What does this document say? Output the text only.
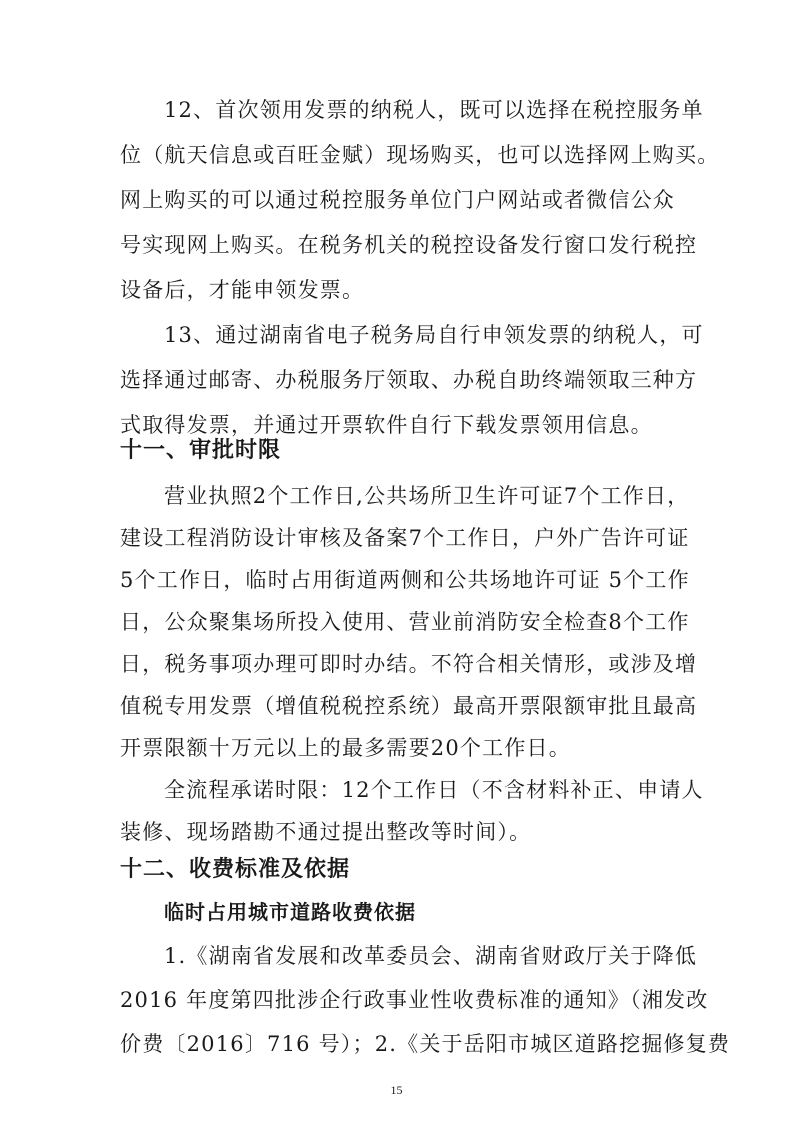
12、首次领用发票的纳税人，既可以选择在税控服务单
位（航天信息或百旺金赋）现场购买，也可以选择网上购买。
网上购买的可以通过税控服务单位门户网站或者微信公众
号实现网上购买。在税务机关的税控设备发行窗口发行税控
设备后，才能申领发票。
13、通过湖南省电子税务局自行申领发票的纳税人，可
选择通过邮寄、办税服务厅领取、办税自助终端领取三种方
式取得发票，并通过开票软件自行下载发票领用信息。
十一、审批时限
营业执照2个工作日,公共场所卫生许可证7个工作日，
建设工程消防设计审核及备案7个工作日，户外广告许可证
5个工作日，临时占用街道两侧和公共场地许可证 5个工作
日，公众聚集场所投入使用、营业前消防安全检查8个工作
日，税务事项办理可即时办结。不符合相关情形，或涉及增
值税专用发票（增值税税控系统）最高开票限额审批且最高
开票限额十万元以上的最多需要20个工作日。
全流程承诺时限：12个工作日（不含材料补正、申请人
装修、现场踏勘不通过提出整改等时间）。
十二、收费标准及依据
临时占用城市道路收费依据
1.《湖南省发展和改革委员会、湖南省财政厅关于降低
2016 年度第四批涉企行政事业性收费标准的通知》（湘发改
价费〔2016〕716 号）；2.《关于岳阳市城区道路挖掘修复费
15
